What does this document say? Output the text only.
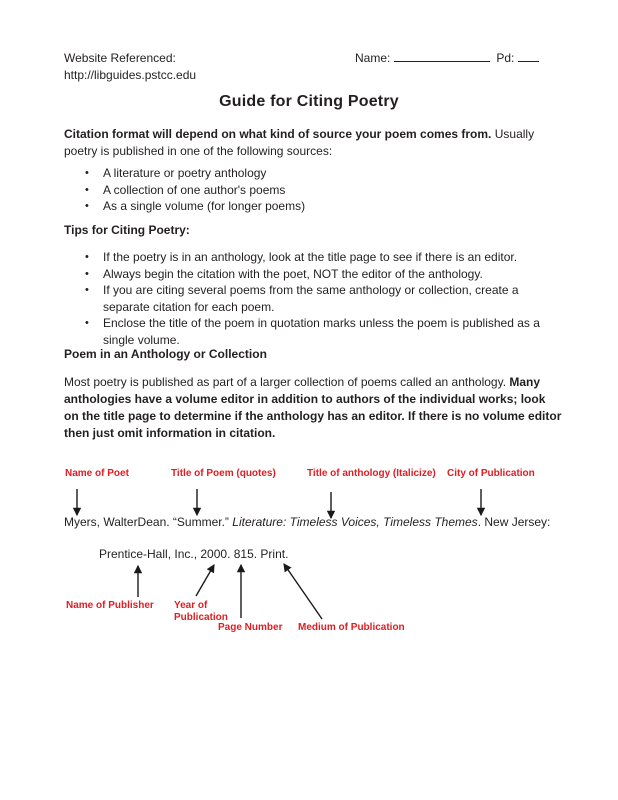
Website Referenced:
http://libguides.pstcc.edu
Name:	Pd:
Guide for Citing Poetry
Citation format will depend on what kind of source your poem comes from. Usually poetry is published in one of the following sources:
• A literature or poetry anthology
• A collection of one author's poems
• As a single volume (for longer poems)
Tips for Citing Poetry:
• If the poetry is in an anthology, look at the title page to see if there is an editor.
• Always begin the citation with the poet, NOT the editor of the anthology.
• If you are citing several poems from the same anthology or collection, create a separate citation for each poem.
• Enclose the title of the poem in quotation marks unless the poem is published as a single volume.
Poem in an Anthology or Collection
Most poetry is published as part of a larger collection of poems called an anthology. Many anthologies have a volume editor in addition to authors of the individual works; look on the title page to determine if the anthology has an editor. If there is no volume editor then just omit information in citation.
Name of Poet	Title of Poem (quotes)	Title of anthology (Italicize) City of Publication
Myers, WalterDean. “Summer.” Literature: Timeless Voices, Timeless Themes. New Jersey:
Prentice-Hall, Inc., 2000. 815. Print.
Name of Publisher Year of Publication
Page Number Medium of Publication
